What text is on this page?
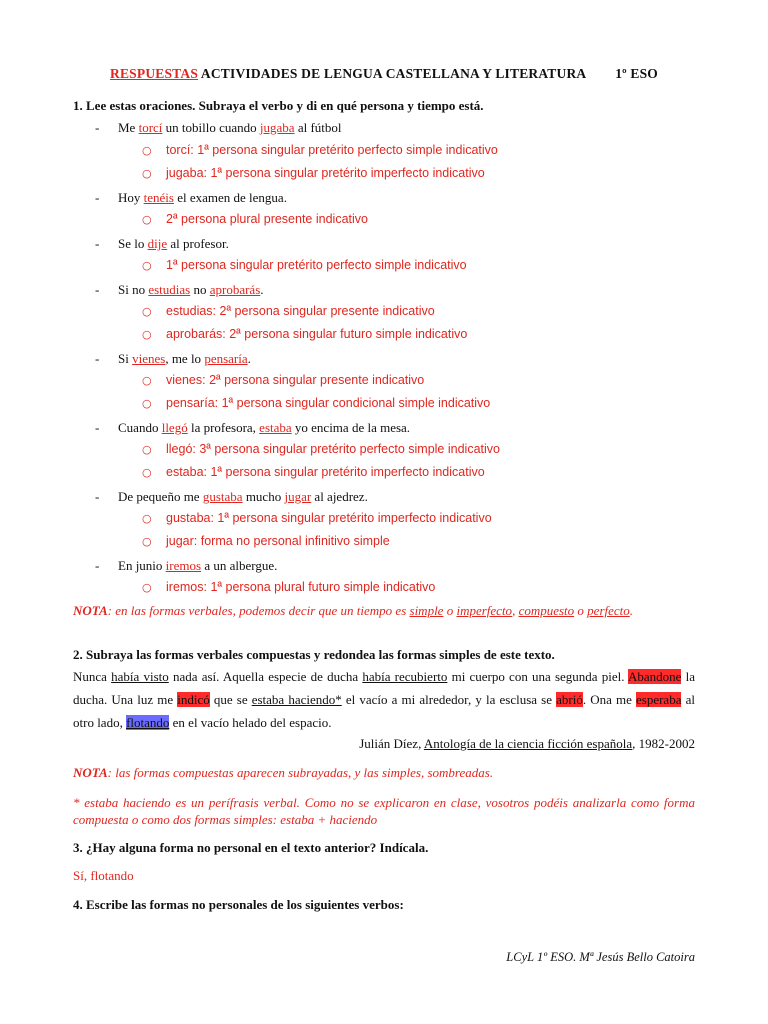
RESPUESTAS ACTIVIDADES DE LENGUA CASTELLANA Y LITERATURA 1º ESO
1. Lee estas oraciones. Subraya el verbo y di en qué persona y tiempo está.
- Me torcí un tobillo cuando jugaba al fútbol
○ torcí: 1ª persona singular pretérito perfecto simple indicativo
○ jugaba: 1ª persona singular pretérito imperfecto indicativo
- Hoy tenéis el examen de lengua.
○ 2ª persona plural presente indicativo
- Se lo dije al profesor.
○ 1ª persona singular pretérito perfecto simple indicativo
- Si no estudias no aprobarás.
○ estudias: 2ª persona singular presente indicativo
○ aprobarás: 2ª persona singular futuro simple indicativo
- Si vienes, me lo pensaría.
○ vienes: 2ª persona singular presente indicativo
○ pensaría: 1ª persona singular condicional simple indicativo
- Cuando llegó la profesora, estaba yo encima de la mesa.
○ llegó: 3ª persona singular pretérito perfecto simple indicativo
○ estaba: 1ª persona singular pretérito imperfecto indicativo
- De pequeño me gustaba mucho jugar al ajedrez.
○ gustaba: 1ª persona singular pretérito imperfecto indicativo
○ jugar: forma no personal infinitivo simple
- En junio iremos a un albergue.
○ iremos: 1ª persona plural futuro simple indicativo
NOTA: en las formas verbales, podemos decir que un tiempo es simple o imperfecto, compuesto o perfecto.
2. Subraya las formas verbales compuestas y redondea las formas simples de este texto.
Nunca había visto nada así. Aquella especie de ducha había recubierto mi cuerpo con una segunda piel. Abandone la ducha. Una luz me indicó que se estaba haciendo* el vacío a mi alrededor, y la esclusa se abrió. Ona me esperaba al otro lado, flotando en el vacío helado del espacio.
Julián Díez, Antología de la ciencia ficción española, 1982-2002
NOTA: las formas compuestas aparecen subrayadas, y las simples, sombreadas.
* estaba haciendo es un perífrasis verbal. Como no se explicaron en clase, vosotros podéis analizarla como forma compuesta o como dos formas simples: estaba + haciendo
3. ¿Hay alguna forma no personal en el texto anterior? Indícala.
Sí, flotando
4. Escribe las formas no personales de los siguientes verbos:
LCyL 1º ESO. Mª Jesús Bello Catoira
